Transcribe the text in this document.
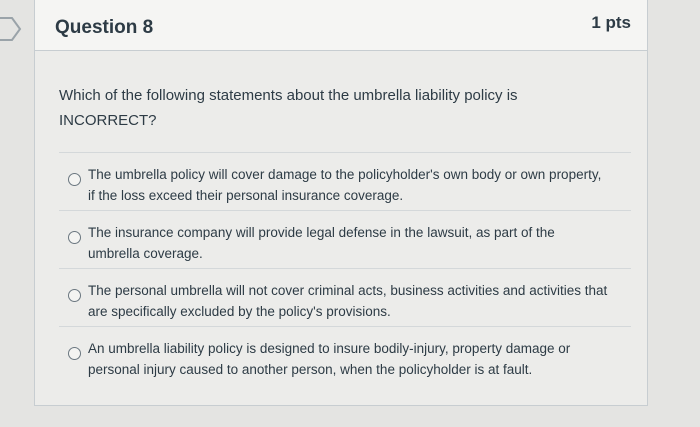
Question 8	1 pts
Which of the following statements about the umbrella liability policy is INCORRECT?
The umbrella policy will cover damage to the policyholder's own body or own property, if the loss exceed their personal insurance coverage.
The insurance company will provide legal defense in the lawsuit, as part of the umbrella coverage.
The personal umbrella will not cover criminal acts, business activities and activities that are specifically excluded by the policy's provisions.
An umbrella liability policy is designed to insure bodily-injury, property damage or personal injury caused to another person, when the policyholder is at fault.
